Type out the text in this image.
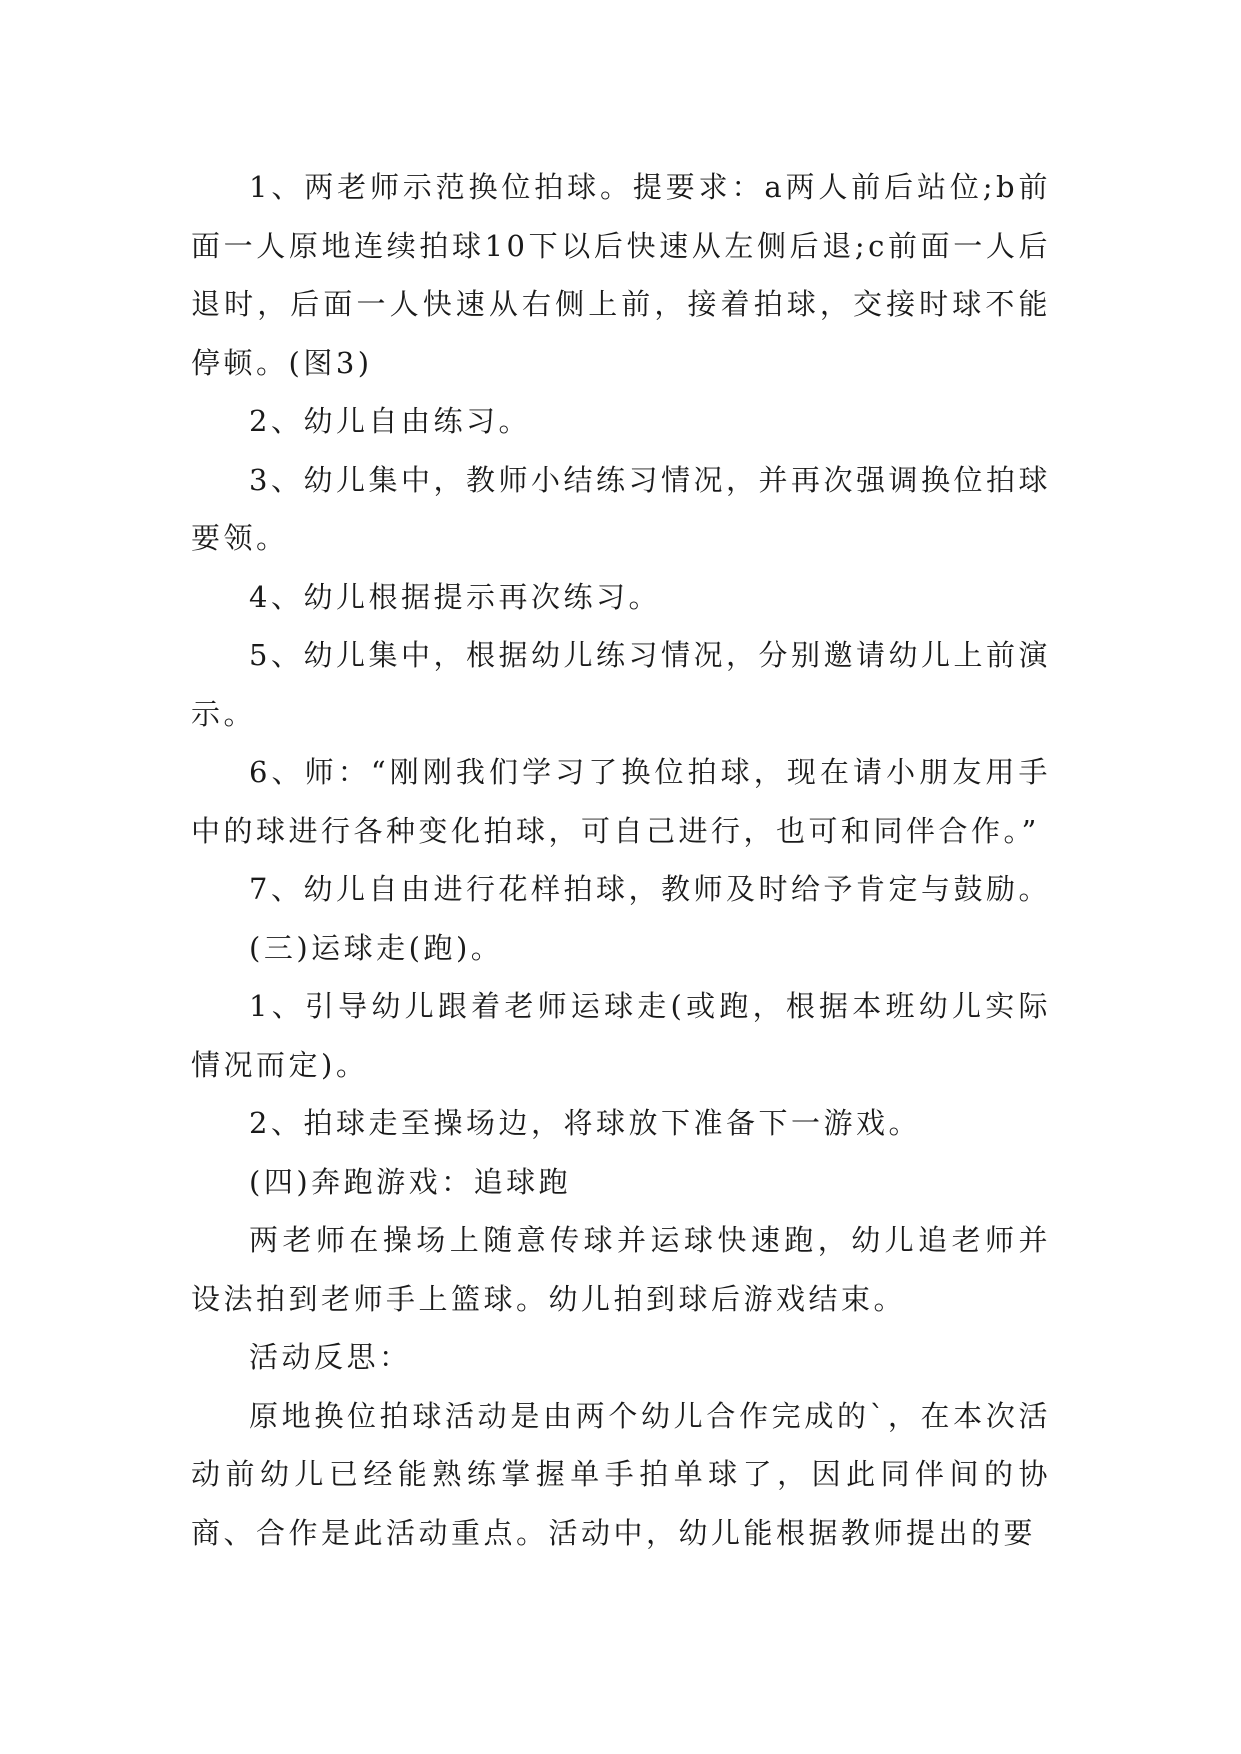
1、两老师示范换位拍球。提要求：a两人前后站位;b前面一人原地连续拍球10下以后快速从左侧后退;c前面一人后退时，后面一人快速从右侧上前，接着拍球，交接时球不能停顿。(图3)

2、幼儿自由练习。

3、幼儿集中，教师小结练习情况，并再次强调换位拍球要领。

4、幼儿根据提示再次练习。

5、幼儿集中，根据幼儿练习情况，分别邀请幼儿上前演示。

6、师：“刚刚我们学习了换位拍球，现在请小朋友用手中的球进行各种变化拍球，可自己进行，也可和同伴合作。”

7、幼儿自由进行花样拍球，教师及时给予肯定与鼓励。

(三)运球走(跑)。

1、引导幼儿跟着老师运球走(或跑，根据本班幼儿实际情况而定)。

2、拍球走至操场边，将球放下准备下一游戏。

(四)奔跑游戏：追球跑

两老师在操场上随意传球并运球快速跑，幼儿追老师并设法拍到老师手上篮球。幼儿拍到球后游戏结束。

活动反思：

原地换位拍球活动是由两个幼儿合作完成的`，在本次活动前幼儿已经能熟练掌握单手拍单球了，因此同伴间的协商、合作是此活动重点。活动中，幼儿能根据教师提出的要
